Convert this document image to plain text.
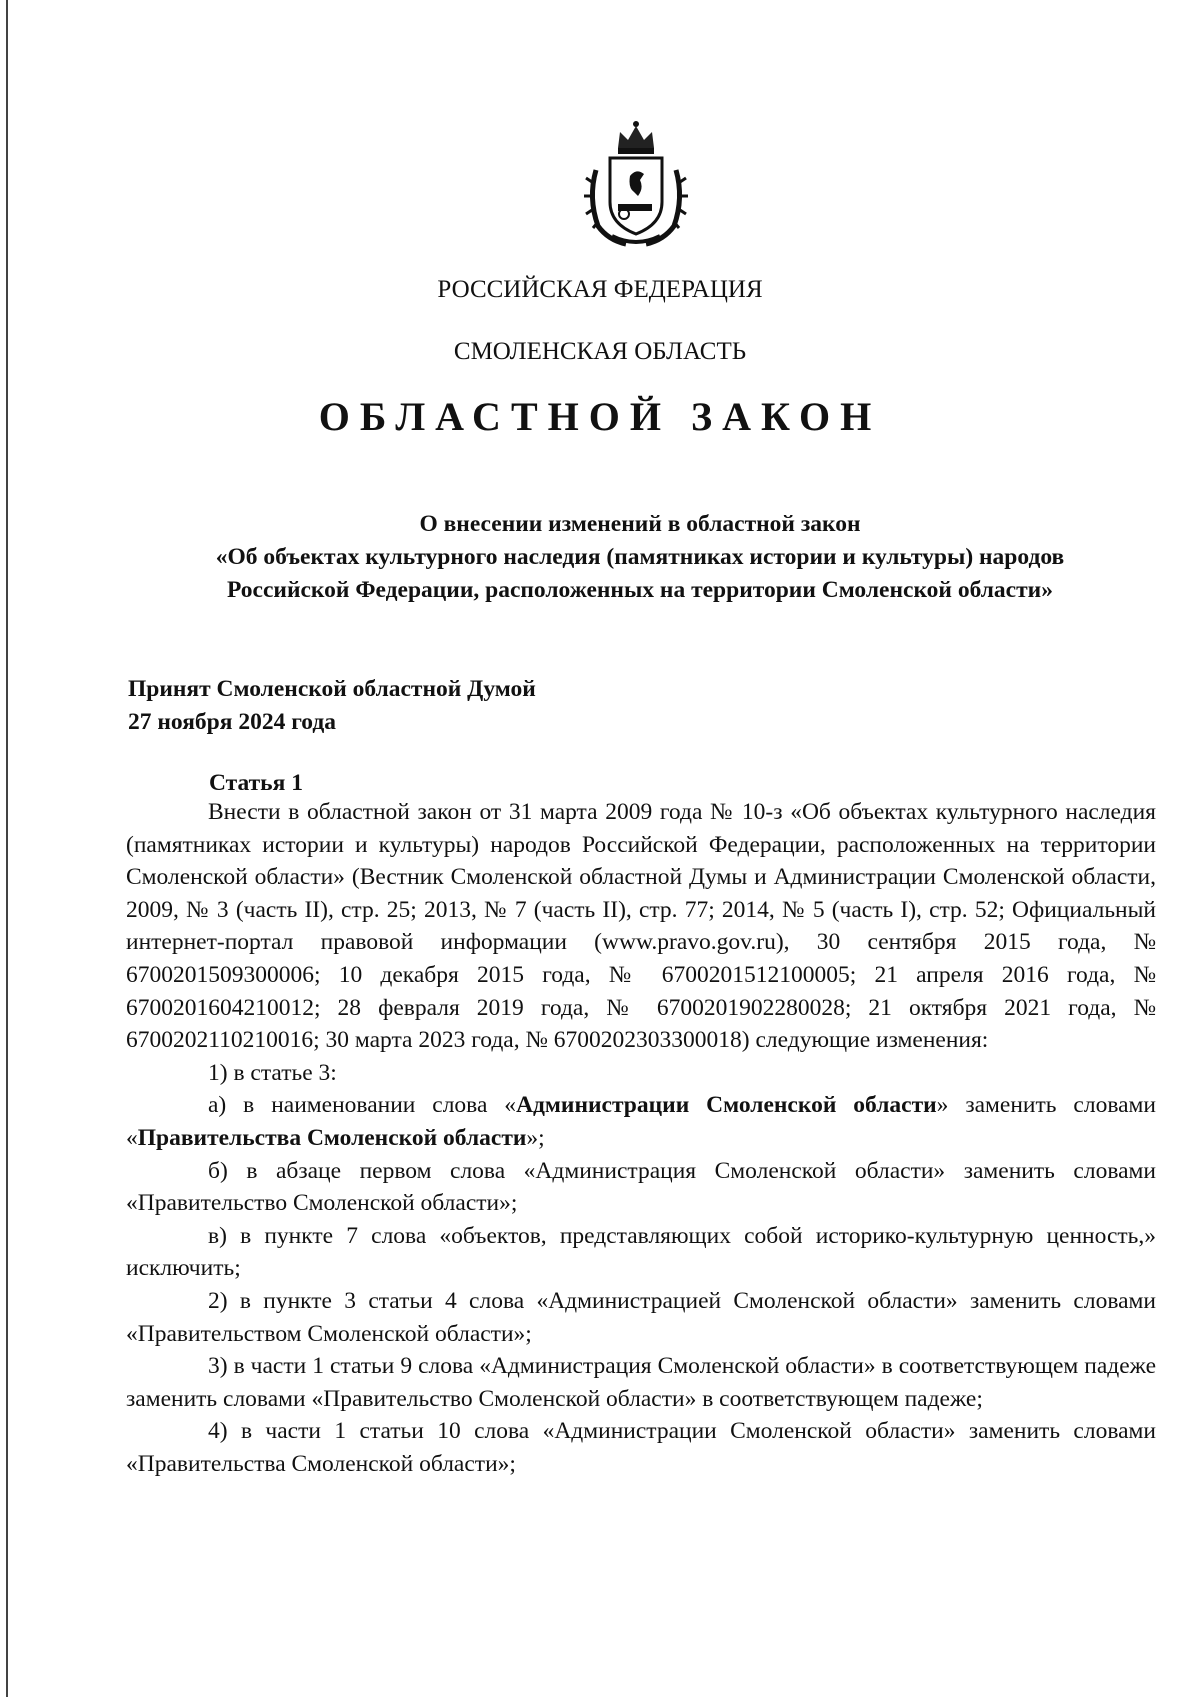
РОССИЙСКАЯ ФЕДЕРАЦИЯ
СМОЛЕНСКАЯ ОБЛАСТЬ
ОБЛАСТНОЙ ЗАКОН
О внесении изменений в областной закон
«Об объектах культурного наследия (памятниках истории и культуры) народов
Российской Федерации, расположенных на территории Смоленской области»
Принят Смоленской областной Думой
27 ноября 2024 года
Статья 1

Внести в областной закон от 31 марта 2009 года № 10-з «Об объектах культурного наследия (памятниках истории и культуры) народов Российской Федерации, расположенных на территории Смоленской области» (Вестник Смоленской областной Думы и Администрации Смоленской области, 2009, № 3 (часть II), стр. 25; 2013, № 7 (часть II), стр. 77; 2014, № 5 (часть I), стр. 52; Официальный интернет-портал правовой информации (www.pravo.gov.ru), 30 сентября 2015 года, № 6700201509300006; 10 декабря 2015 года, № 6700201512100005; 21 апреля 2016 года, № 6700201604210012; 28 февраля 2019 года, № 6700201902280028; 21 октября 2021 года, № 6700202110210016; 30 марта 2023 года, № 6700202303300018) следующие изменения:

1) в статье 3:

а) в наименовании слова «Администрации Смоленской области» заменить словами «Правительства Смоленской области»;

б) в абзаце первом слова «Администрация Смоленской области» заменить словами «Правительство Смоленской области»;

в) в пункте 7 слова «объектов, представляющих собой историко-культурную ценность,» исключить;

2) в пункте 3 статьи 4 слова «Администрацией Смоленской области» заменить словами «Правительством Смоленской области»;

3) в части 1 статьи 9 слова «Администрация Смоленской области» в соответствующем падеже заменить словами «Правительство Смоленской области» в соответствующем падеже;

4) в части 1 статьи 10 слова «Администрации Смоленской области» заменить словами «Правительства Смоленской области»;
